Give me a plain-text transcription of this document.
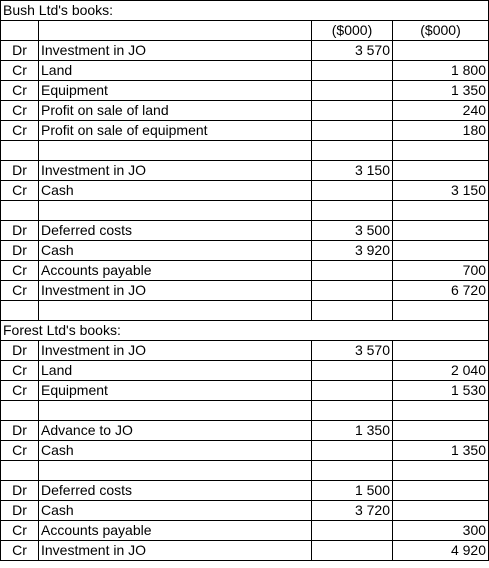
Bush Ltd's books:			
		($000)	($000)
Dr	Investment in JO	3 570	
Cr	Land		1 800
Cr	Equipment		1 350
Cr	Profit on sale of land		240
Cr	Profit on sale of equipment		180

Dr	Investment in JO	3 150	
Cr	Cash		3 150

Dr	Deferred costs	3 500	
Dr	Cash	3 920	
Cr	Accounts payable		700
Cr	Investment in JO		6 720

Forest Ltd's books:			
Dr	Investment in JO	3 570	
Cr	Land		2 040
Cr	Equipment		1 530

Dr	Advance to JO	1 350	
Cr	Cash		1 350

Dr	Deferred costs	1 500	
Dr	Cash	3 720	
Cr	Accounts payable		300
Cr	Investment in JO		4 920
